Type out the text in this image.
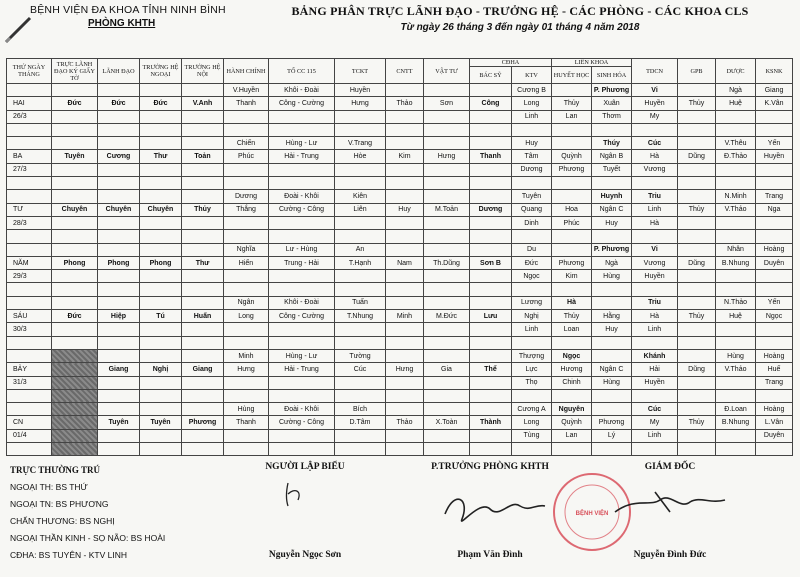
BỆNH VIỆN ĐA KHOA TỈNH NINH BÌNH
PHÒNG KHTH
BẢNG PHÂN TRỰC LÃNH ĐẠO - TRƯỞNG HỆ - CÁC PHÒNG - CÁC KHOA CLS
Từ ngày 26 tháng 3 đến ngày 01 tháng 4 năm 2018
THỨ NGÀY THÁNG	TRỰC LÃNH ĐẠO KÝ GIẤY TỜ	LÃNH ĐẠO	TRƯỞNG HỆ NGOẠI	TRƯỞNG HỆ NỘI	HÀNH CHÍNH	TỔ CC 115	TCKT	CNTT	VẬT TƯ	CĐHA		LIÊN KHOA		TDCN	GPB	DƯỢC	KSNK
										BÁC SỸ	KTV	HUYẾT HỌC	SINH HÓA				
					V.Huyền	Khôi - Đoài	Huyền				Cương B		P. Phương	Vi		Ngà	Giang
HAI	Đức	Đức	Đức	V.Anh	Thanh	Công - Cường	Hưng	Thảo	Sơn	Công	Long	Thủy	Xuân	Huyền	Thủy	Huệ	K.Vân
26/3											Linh	Lan	Thơm	My			

					Chiến	Hùng - Lư	V.Trang				Huy		Thúy	Cúc		V.Thêu	Yến
BA	Tuyên	Cương	Thư	Toản	Phúc	Hải - Trung	Hòe	Kim	Hưng	Thanh	Tâm	Quỳnh	Ngân B	Hà	Dũng	Đ.Thảo	Huyền
27/3											Dương	Phương	Tuyết	Vương			

					Dương	Đoài - Khôi	Kiên				Tuyên		Huynh	Triu		N.Minh	Trang
TƯ	Chuyên	Chuyên	Chuyên	Thủy	Thắng	Cường - Công	Liên	Huy	M.Toản	Dương	Quang	Hoa	Ngân C	Linh	Thủy	V.Thảo	Nga
28/3											Dinh	Phúc	Huy	Hà			

					Nghĩa	Lư - Hùng	An				Du		P. Phương	Vi		Nhân	Hoàng
NĂM	Phong	Phong	Phong	Thư	Hiển	Trung - Hải	T.Hạnh	Nam	Th.Dũng	Sơn B	Đức	Phương	Ngà	Vương	Dũng	B.Nhung	Duyên
29/3											Ngọc	Kim	Hùng	Huyền			

					Ngân	Khôi - Đoài	Tuấn				Lương	Hà		Triu		N.Thảo	Yến
SÁU	Đức	Hiệp	Tú	Huấn	Long	Công - Cường	T.Nhung	Minh	M.Đức	Lưu	Nghị	Thủy	Hằng	Hà	Thủy	Huệ	Ngọc
30/3											Linh	Loan	Huy	Linh			

					Minh	Hùng - Lư	Tường				Thượng	Ngọc		Khánh		Hùng	Hoàng
BẢY		Giang	Nghị	Giang	Hưng	Hải - Trung	Cúc	Hưng	Gia	Thể	Lực	Hương	Ngân C	Hải	Dũng	V.Thảo	Huế
31/3											Thọ	Chinh	Hùng	Huyền			Trang

					Hùng	Đoài - Khôi	Bích				Cương A	Nguyên		Cúc		Đ.Loan	Hoàng
CN		Tuyên	Tuyên	Phương	Thanh	Cường - Công	D.Tâm	Thảo	X.Toàn	Thành	Long	Quỳnh	Phương	My	Thủy	B.Nhung	L.Vân
01/4											Tùng	Lan	Lý	Linh			Duyên

TRỰC THƯỜNG TRÚ
NGOẠI TH: BS THỨ
NGOẠI TN: BS PHƯƠNG
CHẤN THƯƠNG: BS NGHỊ
NGOẠI THẦN KINH - SỌ NÃO: BS HOÀI
CĐHA: BS TUYÊN - KTV LINH
NGƯỜI LẬP BIỂU
Nguyễn Ngọc Sơn
P.TRƯỞNG PHÒNG KHTH
Phạm Văn Đình
GIÁM ĐỐC
BỆNH VIỆN
Nguyễn Đình Đức
